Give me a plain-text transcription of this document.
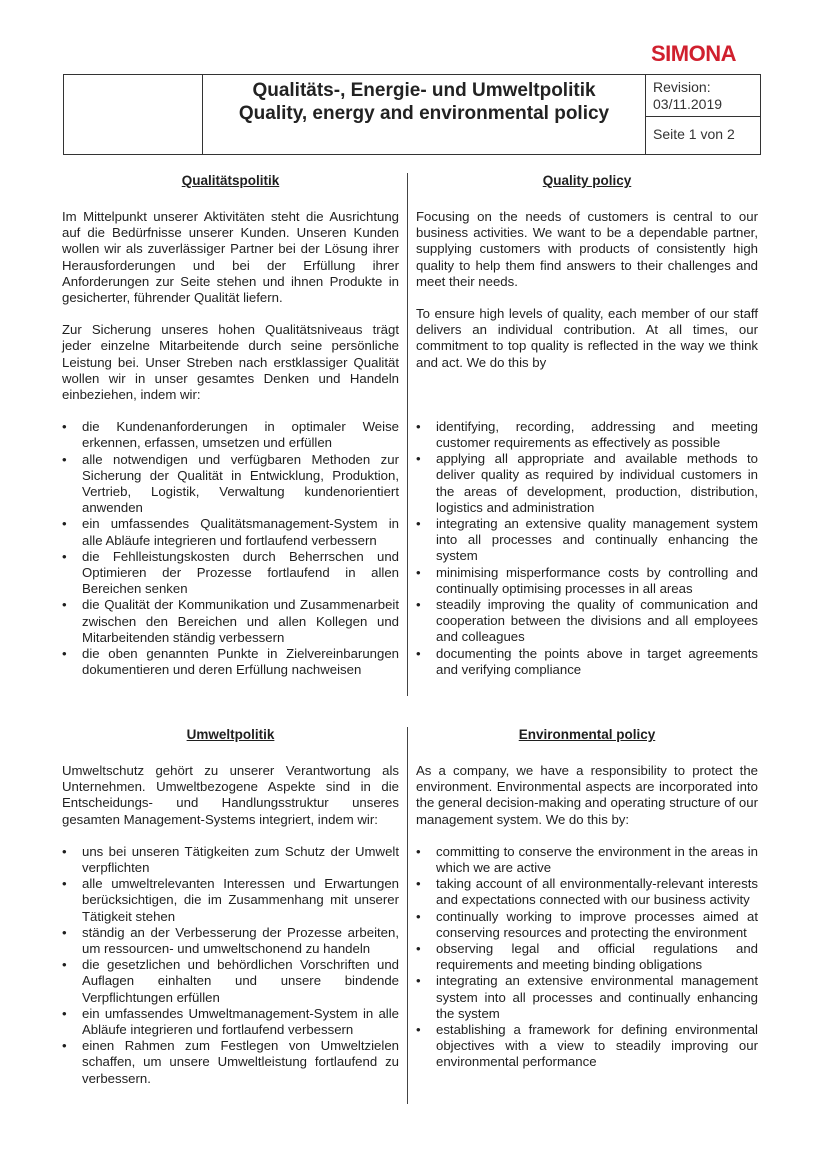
SIMONA
Qualitäts-, Energie- und Umweltpolitik
Quality, energy and environmental policy
Revision:
03/11.2019
Seite 1 von 2
Qualitätspolitik

Im Mittelpunkt unserer Aktivitäten steht die Ausrichtung auf die Bedürfnisse unserer Kunden. Unseren Kunden wollen wir als zuverlässiger Partner bei der Lösung ihrer Herausforderungen und bei der Erfüllung ihrer Anforderungen zur Seite stehen und ihnen Produkte in gesicherter, führender Qualität liefern.

Zur Sicherung unseres hohen Qualitätsniveaus trägt jeder einzelne Mitarbeitende durch seine persönliche Leistung bei. Unser Streben nach erstklassiger Qualität wollen wir in unser gesamtes Denken und Handeln einbeziehen, indem wir:

• die Kundenanforderungen in optimaler Weise erkennen, erfassen, umsetzen und erfüllen
• alle notwendigen und verfügbaren Methoden zur Sicherung der Qualität in Entwicklung, Produktion, Vertrieb, Logistik, Verwaltung kundenorientiert anwenden
• ein umfassendes Qualitätsmanagement-System in alle Abläufe integrieren und fortlaufend verbessern
• die Fehlleistungskosten durch Beherrschen und Optimieren der Prozesse fortlaufend in allen Bereichen senken
• die Qualität der Kommunikation und Zusammenarbeit zwischen den Bereichen und allen Kollegen und Mitarbeitenden ständig verbessern
• die oben genannten Punkte in Zielvereinbarungen dokumentieren und deren Erfüllung nachweisen
Quality policy

Focusing on the needs of customers is central to our business activities. We want to be a dependable partner, supplying customers with products of consistently high quality to help them find answers to their challenges and meet their needs.

To ensure high levels of quality, each member of our staff delivers an individual contribution. At all times, our commitment to top quality is reflected in the way we think and act. We do this by

• identifying, recording, addressing and meeting customer requirements as effectively as possible
• applying all appropriate and available methods to deliver quality as required by individual customers in the areas of development, production, distribution, logistics and administration
• integrating an extensive quality management system into all processes and continually enhancing the system
• minimising misperformance costs by controlling and continually optimising processes in all areas
• steadily improving the quality of communication and cooperation between the divisions and all employees and colleagues
• documenting the points above in target agreements and verifying compliance
Umweltpolitik

Umweltschutz gehört zu unserer Verantwortung als Unternehmen. Umweltbezogene Aspekte sind in die Entscheidungs- und Handlungsstruktur unseres gesamten Management-Systems integriert, indem wir:

• uns bei unseren Tätigkeiten zum Schutz der Umwelt verpflichten
• alle umweltrelevanten Interessen und Erwartungen berücksichtigen, die im Zusammenhang mit unserer Tätigkeit stehen
• ständig an der Verbesserung der Prozesse arbeiten, um ressourcen- und umweltschonend zu handeln
• die gesetzlichen und behördlichen Vorschriften und Auflagen einhalten und unsere bindende Verpflichtungen erfüllen
• ein umfassendes Umweltmanagement-System in alle Abläufe integrieren und fortlaufend verbessern
• einen Rahmen zum Festlegen von Umweltzielen schaffen, um unsere Umweltleistung fortlaufend zu verbessern.
Environmental policy

As a company, we have a responsibility to protect the environment. Environmental aspects are incorporated into the general decision-making and operating structure of our management system. We do this by:

• committing to conserve the environment in the areas in which we are active
• taking account of all environmentally-relevant interests and expectations connected with our business activity
• continually working to improve processes aimed at conserving resources and protecting the environment
• observing legal and official regulations and requirements and meeting binding obligations
• integrating an extensive environmental management system into all processes and continually enhancing the system
• establishing a framework for defining environmental objectives with a view to steadily improving our environmental performance
